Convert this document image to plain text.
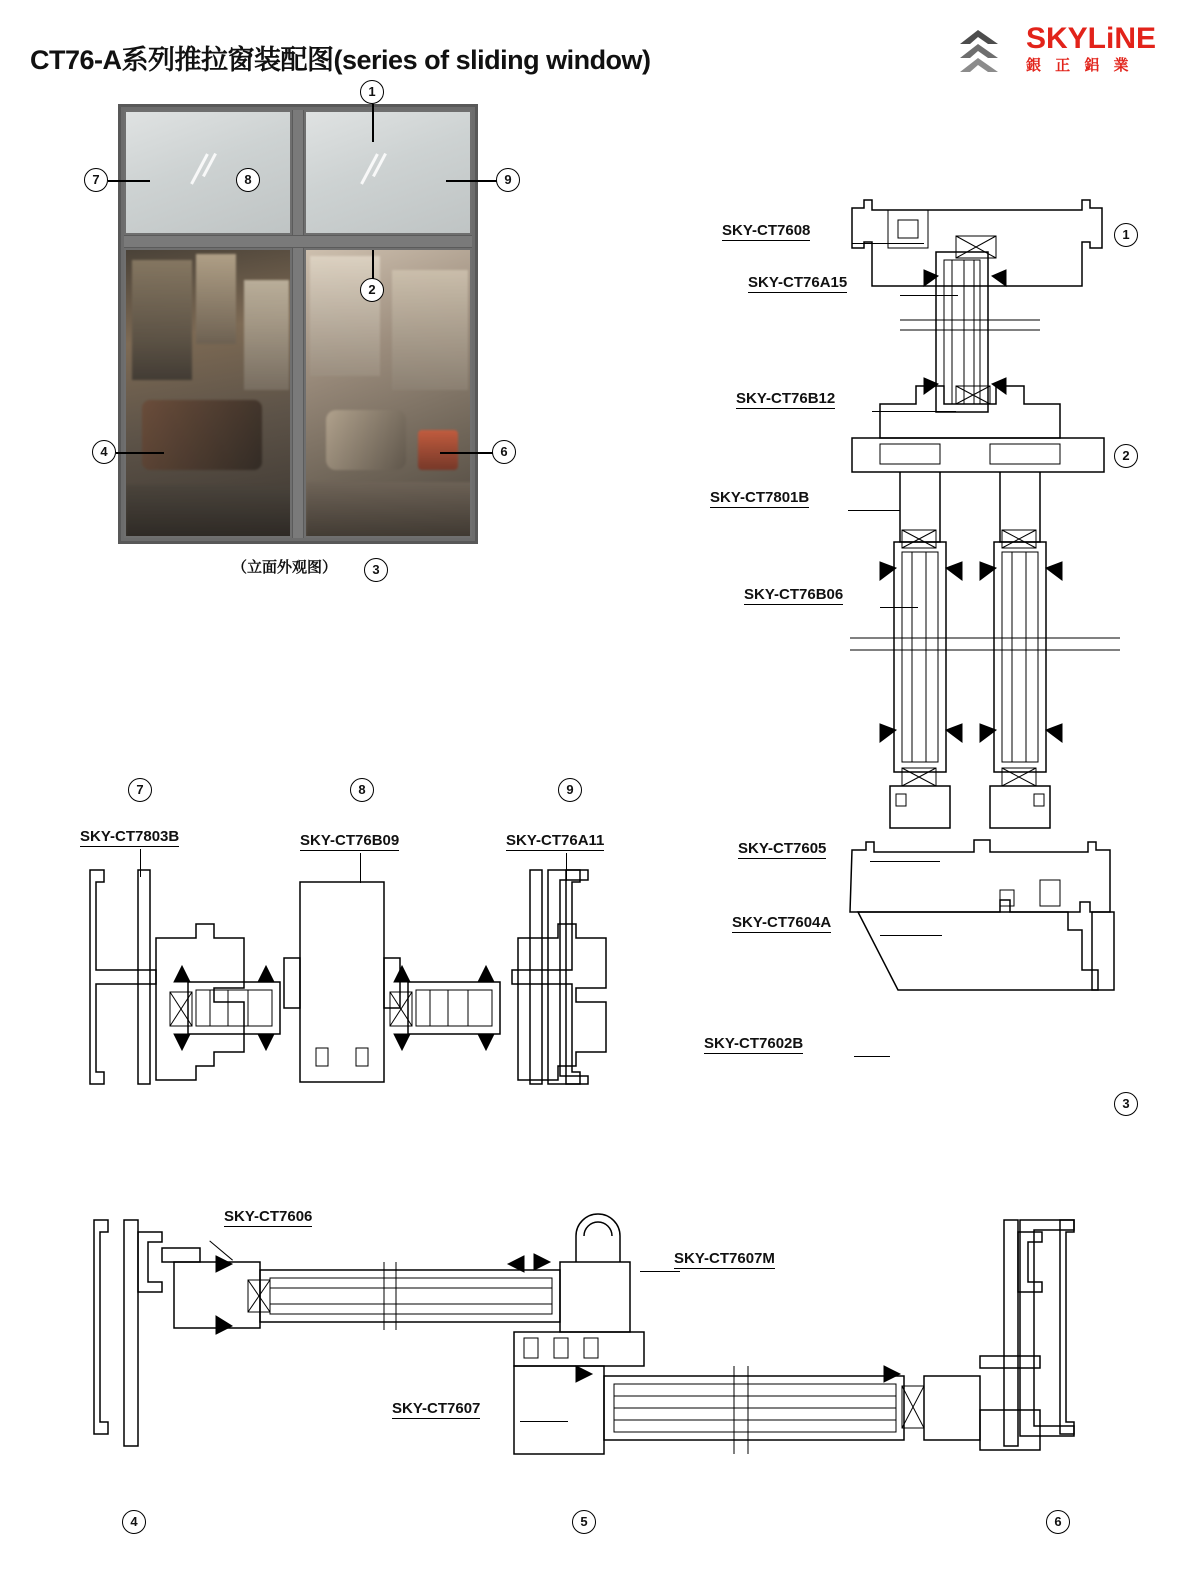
CT76-A系列推拉窗装配图(series of sliding window)
SKYLiNE
銀 正 鋁 業
（立面外观图）
1
7	8	9
2
4	6
3
SKY-CT7608
SKY-CT76A15
SKY-CT76B12
SKY-CT7801B
SKY-CT76B06
SKY-CT7605
SKY-CT7604A
SKY-CT7602B
1
2
3
7	8	9
SKY-CT7803B	SKY-CT76B09	SKY-CT76A11
SKY-CT7606
SKY-CT7607M
SKY-CT7607
4	5	6
